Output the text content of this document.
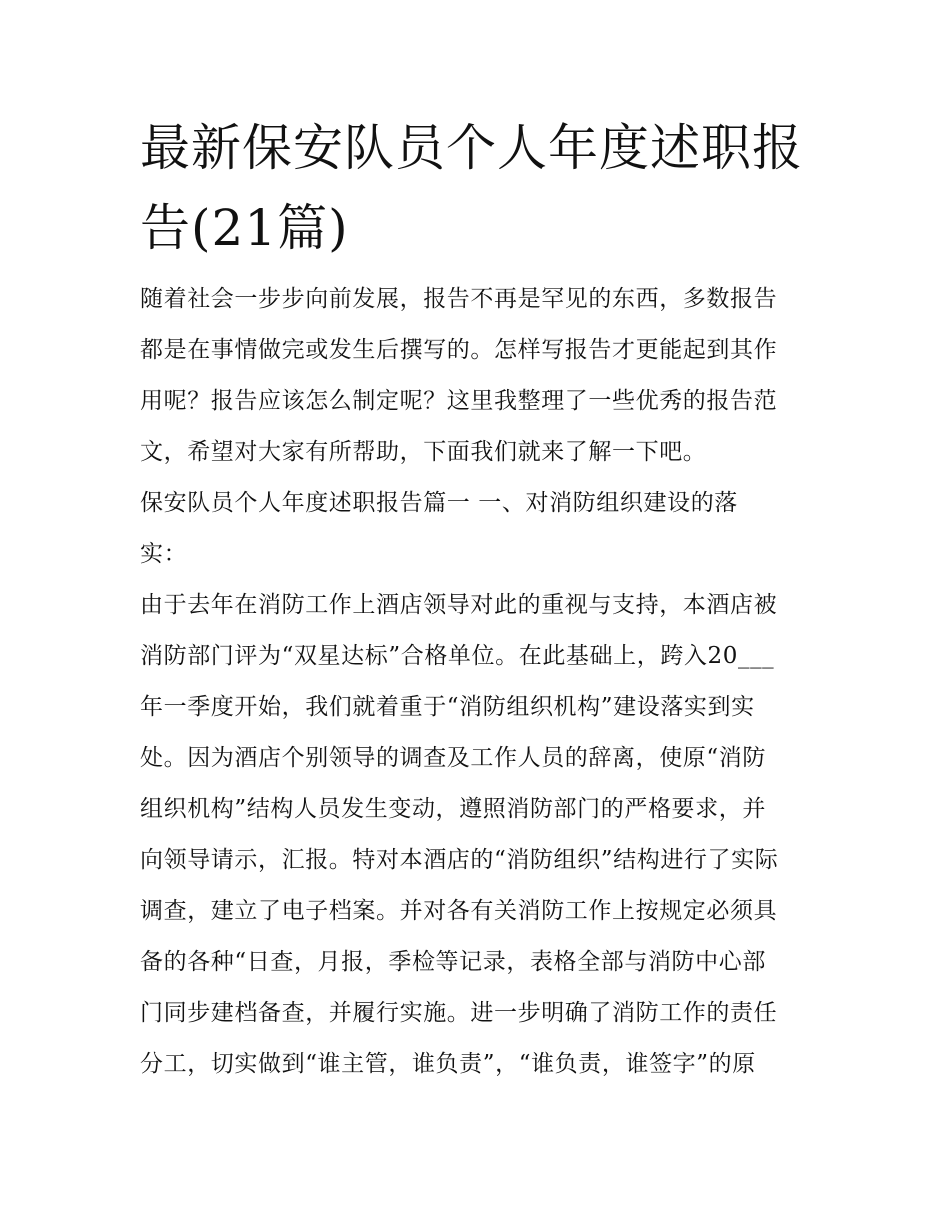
最新保安队员个人年度述职报
告(21篇)

随着社会一步步向前发展，报告不再是罕见的东西，多数报告

都是在事情做完或发生后撰写的。怎样写报告才更能起到其作

用呢？报告应该怎么制定呢？这里我整理了一些优秀的报告范

文，希望对大家有所帮助，下面我们就来了解一下吧。

保安队员个人年度述职报告篇一 一、对消防组织建设的落

实：

由于去年在消防工作上酒店领导对此的重视与支持，本酒店被

消防部门评为“双星达标”合格单位。在此基础上，跨入20___

年一季度开始，我们就着重于“消防组织机构”建设落实到实

处。因为酒店个别领导的调查及工作人员的辞离，使原“消防

组织机构”结构人员发生变动，遵照消防部门的严格要求，并

向领导请示，汇报。特对本酒店的“消防组织”结构进行了实际

调查，建立了电子档案。并对各有关消防工作上按规定必须具

备的各种“日查，月报，季检等记录，表格全部与消防中心部

门同步建档备查，并履行实施。进一步明确了消防工作的责任

分工，切实做到“谁主管，谁负责”，“谁负责，谁签字”的原
